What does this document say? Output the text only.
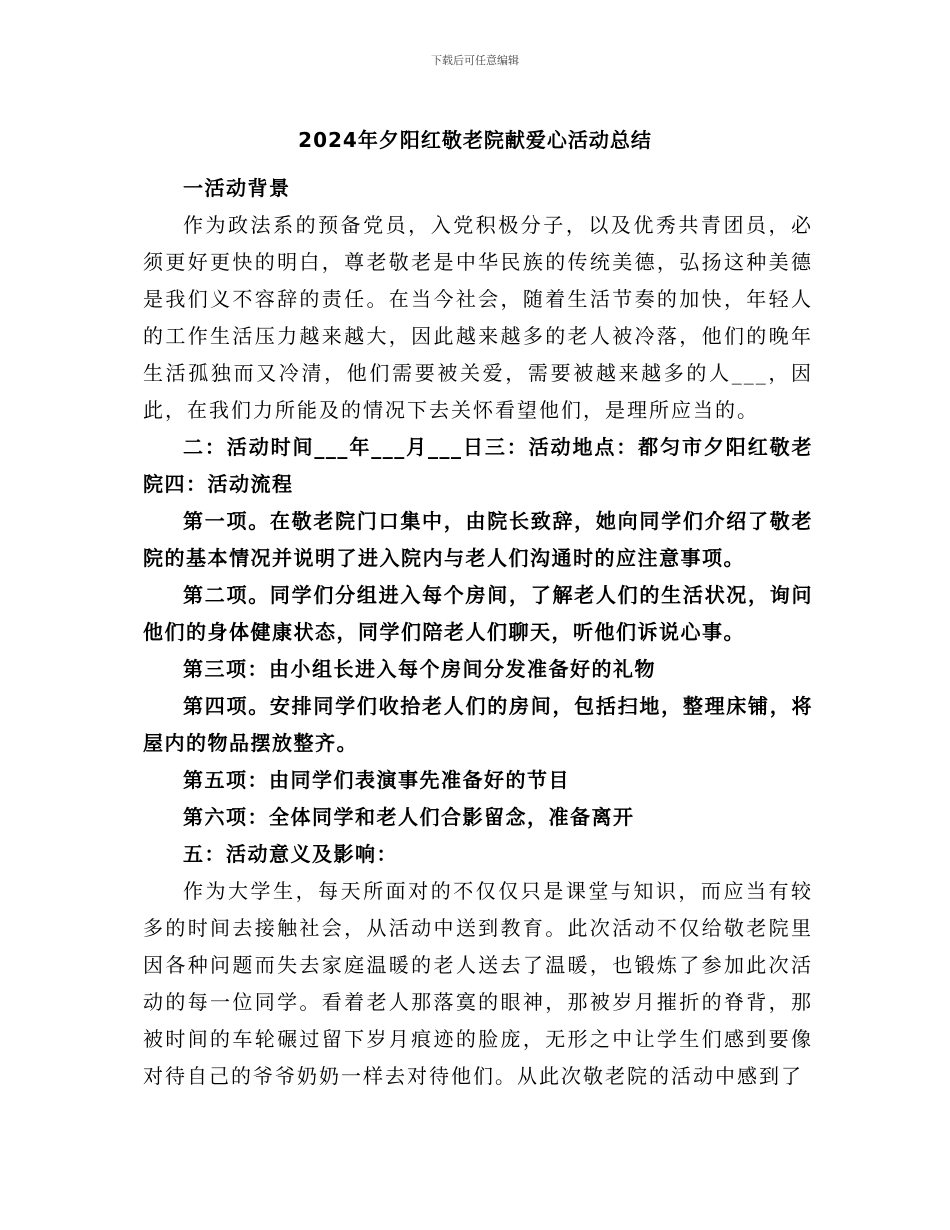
下载后可任意编辑
2024年夕阳红敬老院献爱心活动总结

一活动背景

作为政法系的预备党员，入党积极分子，以及优秀共青团员，必须更好更快的明白，尊老敬老是中华民族的传统美德，弘扬这种美德是我们义不容辞的责任。在当今社会，随着生活节奏的加快，年轻人的工作生活压力越来越大，因此越来越多的老人被冷落，他们的晚年生活孤独而又冷清，他们需要被关爱，需要被越来越多的人___，因此，在我们力所能及的情况下去关怀看望他们，是理所应当的。

二：活动时间___年___月___日三：活动地点：都匀市夕阳红敬老院四：活动流程

第一项。在敬老院门口集中，由院长致辞，她向同学们介绍了敬老院的基本情况并说明了进入院内与老人们沟通时的应注意事项。

第二项。同学们分组进入每个房间，了解老人们的生活状况，询问他们的身体健康状态，同学们陪老人们聊天，听他们诉说心事。

第三项：由小组长进入每个房间分发准备好的礼物

第四项。安排同学们收拾老人们的房间，包括扫地，整理床铺，将屋内的物品摆放整齐。

第五项：由同学们表演事先准备好的节目

第六项：全体同学和老人们合影留念，准备离开

五：活动意义及影响：

作为大学生，每天所面对的不仅仅只是课堂与知识，而应当有较多的时间去接触社会，从活动中送到教育。此次活动不仅给敬老院里因各种问题而失去家庭温暖的老人送去了温暖，也锻炼了参加此次活动的每一位同学。看着老人那落寞的眼神，那被岁月摧折的脊背，那被时间的车轮碾过留下岁月痕迹的脸庞，无形之中让学生们感到要像对待自己的爷爷奶奶一样去对待他们。从此次敬老院的活动中感到了
